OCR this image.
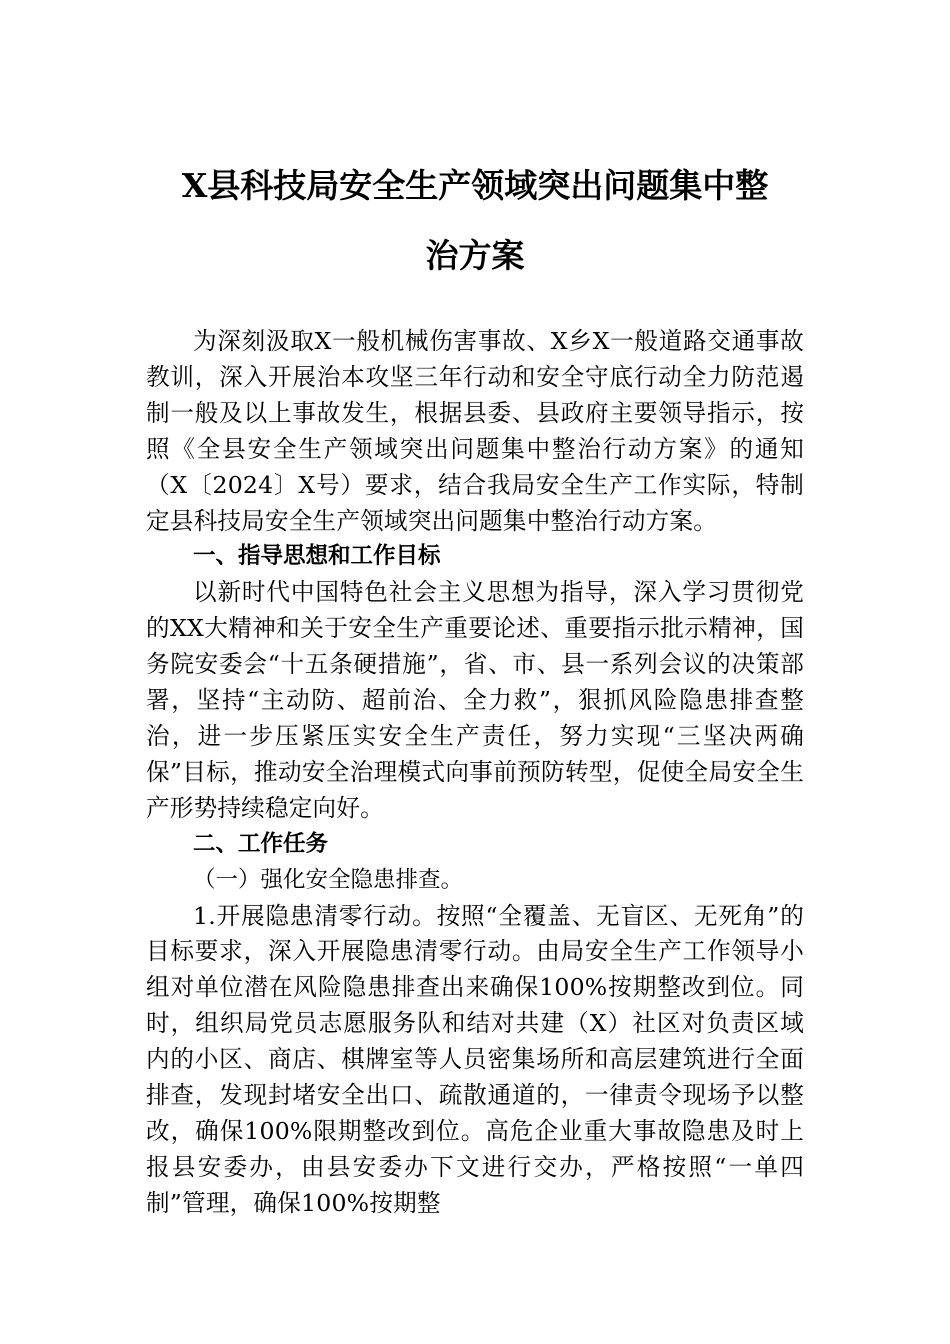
X县科技局安全生产领域突出问题集中整
治方案

为深刻汲取X一般机械伤害事故、X乡X一般道路交通事故教训，深入开展治本攻坚三年行动和安全守底行动全力防范遏制一般及以上事故发生，根据县委、县政府主要领导指示，按照《全县安全生产领域突出问题集中整治行动方案》的通知（X〔2024〕X号）要求，结合我局安全生产工作实际，特制定县科技局安全生产领域突出问题集中整治行动方案。

一、指导思想和工作目标

以新时代中国特色社会主义思想为指导，深入学习贯彻党的XX大精神和关于安全生产重要论述、重要指示批示精神，国务院安委会“十五条硬措施”，省、市、县一系列会议的决策部署，坚持“主动防、超前治、全力救”，狠抓风险隐患排查整治，进一步压紧压实安全生产责任，努力实现“三坚决两确保”目标，推动安全治理模式向事前预防转型，促使全局安全生产形势持续稳定向好。

二、工作任务

（一）强化安全隐患排查。

1.开展隐患清零行动。按照“全覆盖、无盲区、无死角”的目标要求，深入开展隐患清零行动。由局安全生产工作领导小组对单位潜在风险隐患排查出来确保100%按期整改到位。同时，组织局党员志愿服务队和结对共建（X）社区对负责区域内的小区、商店、棋牌室等人员密集场所和高层建筑进行全面排查，发现封堵安全出口、疏散通道的，一律责令现场予以整改，确保100%限期整改到位。高危企业重大事故隐患及时上报县安委办，由县安委办下文进行交办，严格按照“一单四制”管理，确保100%按期整
